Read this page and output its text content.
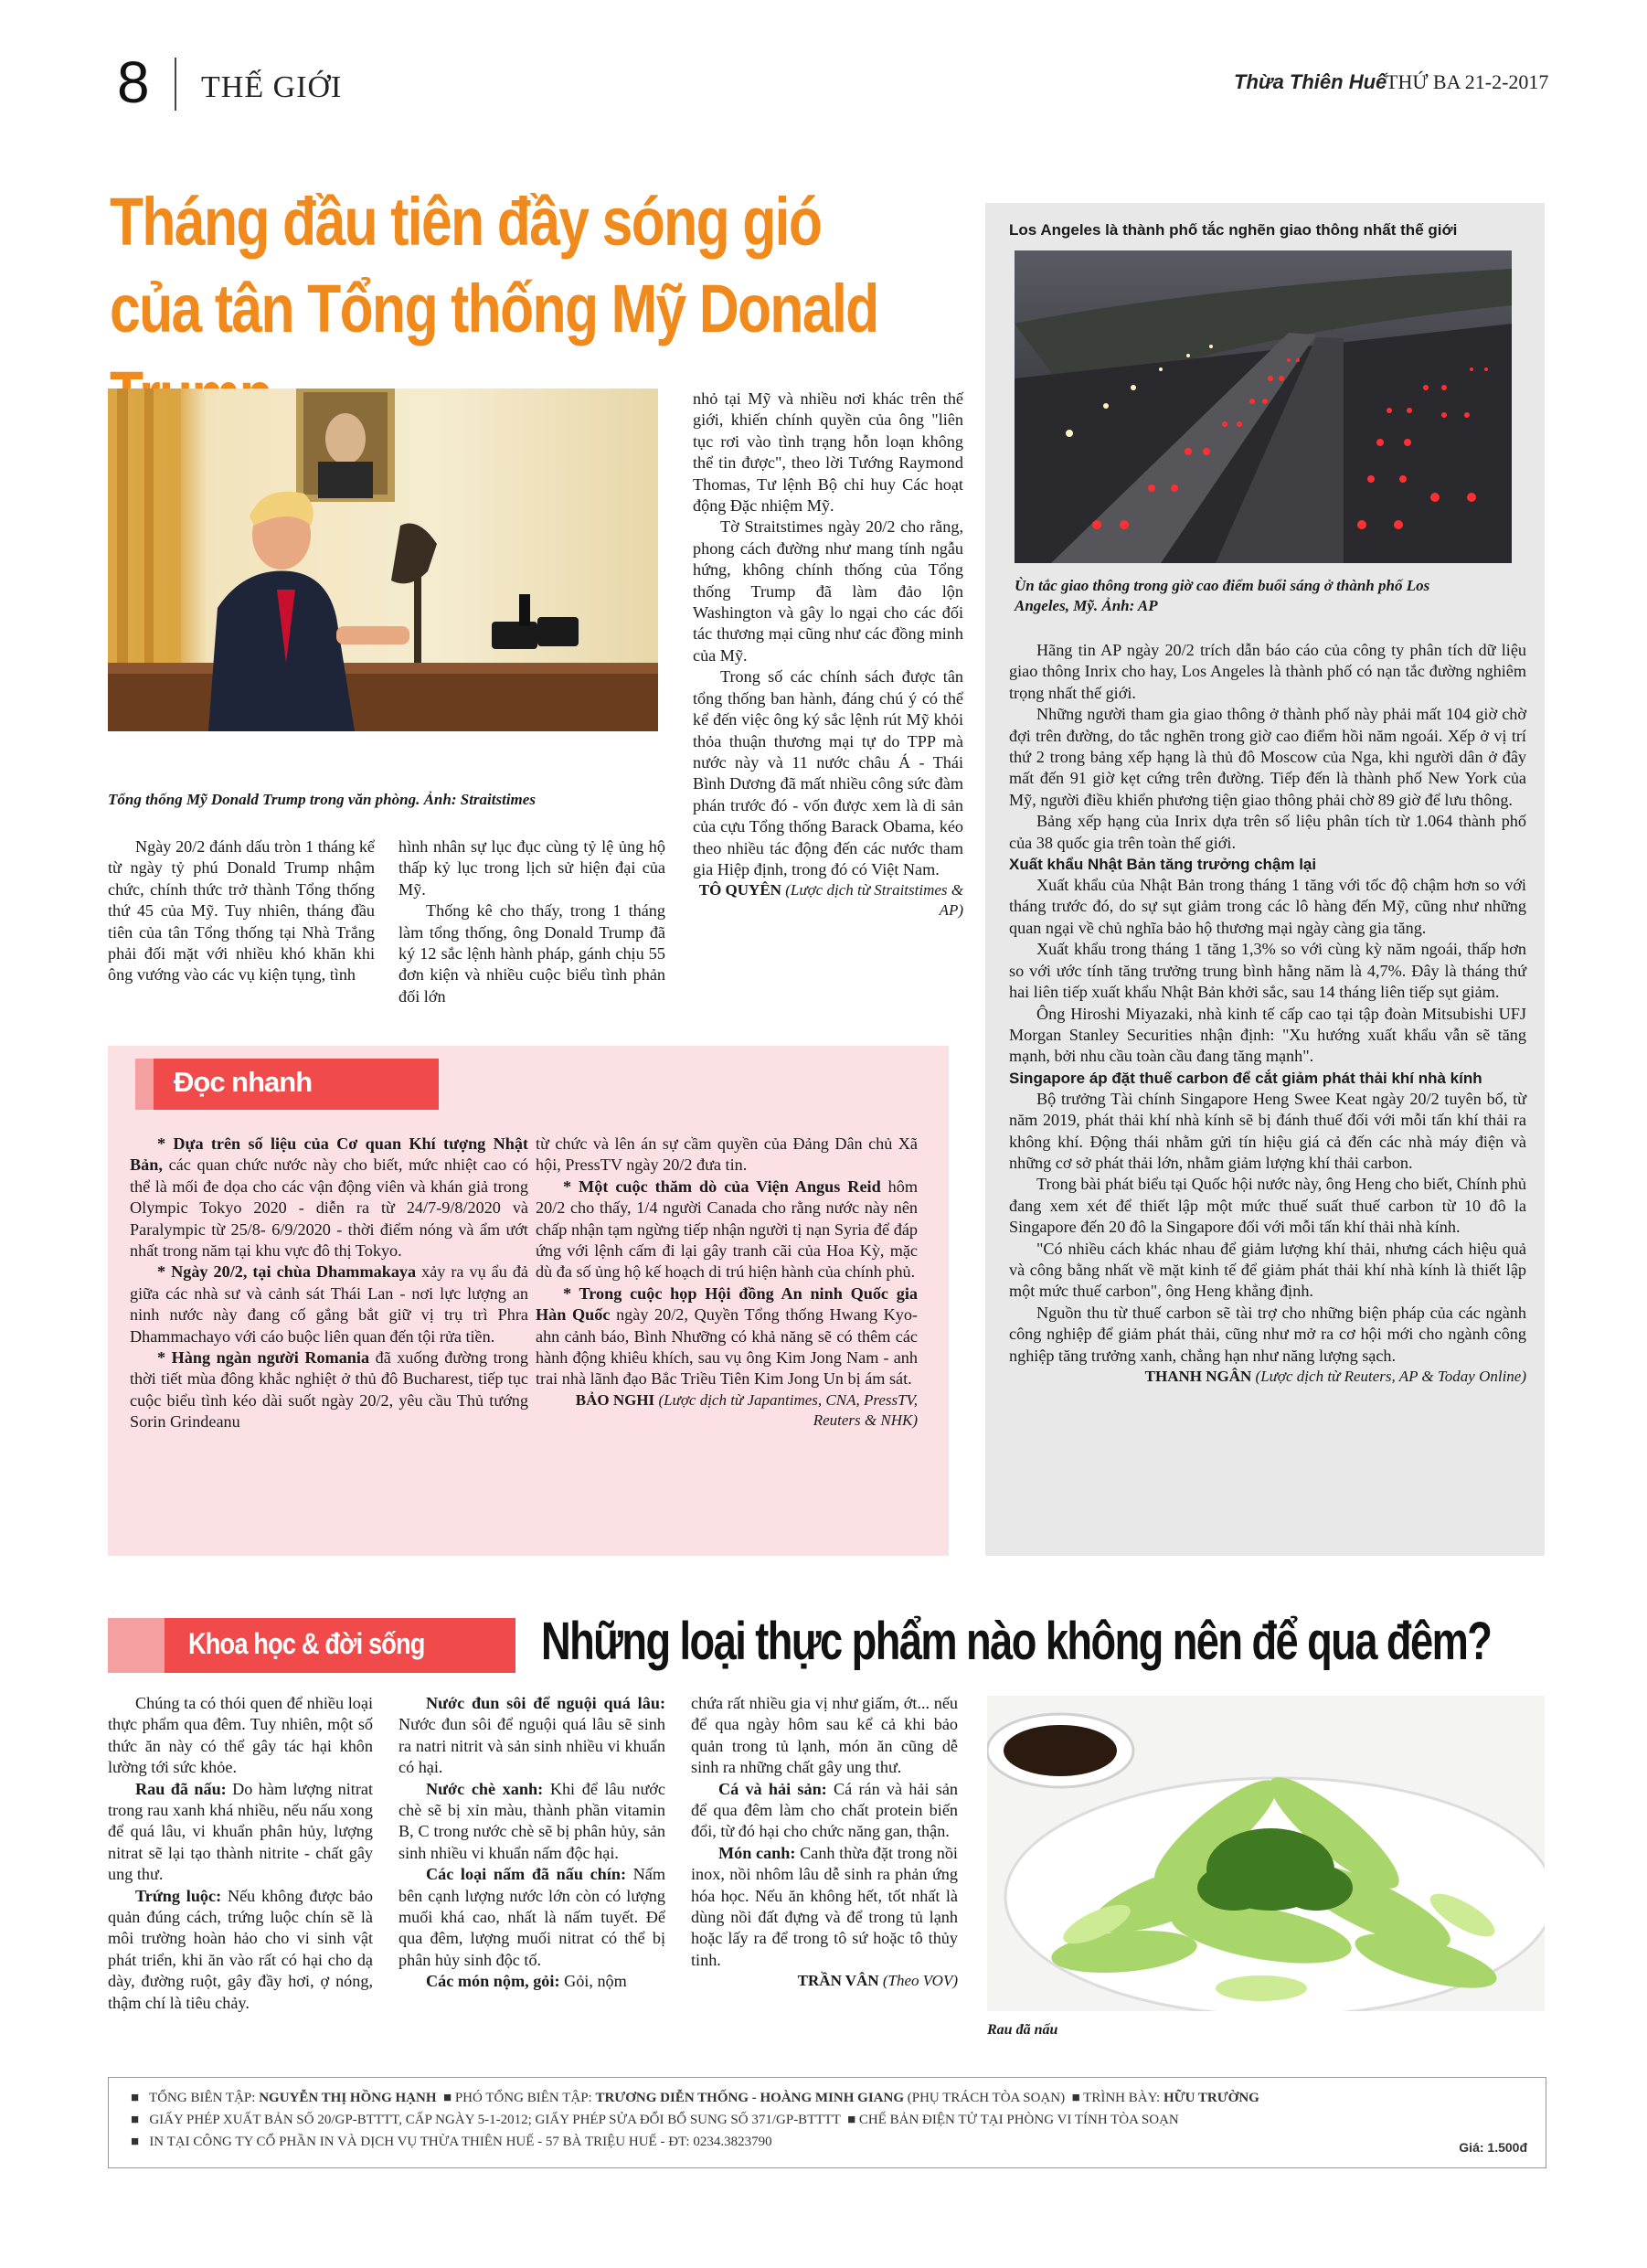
8 THẾ GIỚI	Thừa Thiên Huế
THỨ BA 21-2-2017
Tháng đầu tiên đầy sóng gió
của tân Tổng thống Mỹ Donald
Tổng thống Mỹ Donald Trump trong văn phòng. Ảnh: Straitstimes

Ngày 20/2 đánh dấu tròn 1 tháng kể từ ngày tỷ phú Donald Trump nhậm chức, chính thức trở thành Tổng thống thứ 45 của Mỹ. Tuy nhiên, tháng đầu tiên của tân Tổng thống tại Nhà Trắng phải đối mặt với nhiều khó khăn khi ông vướng vào các vụ kiện tụng, tình

hình nhân sự lục đục cùng tỷ lệ ủng hộ thấp kỷ lục trong lịch sử hiện đại của Mỹ.

Thống kê cho thấy, trong 1 tháng làm tổng thống, ông Donald Trump đã ký 12 sắc lệnh hành pháp, gánh chịu 55 đơn kiện và nhiều cuộc biểu tình phản đối lớn

nhỏ tại Mỹ và nhiều nơi khác trên thế giới, khiến chính quyền của ông "liên tục rơi vào tình trạng hỗn loạn không thể tin được", theo lời Tướng Raymond Thomas, Tư lệnh Bộ chỉ huy Các hoạt động Đặc nhiệm Mỹ.

Tờ Straitstimes ngày 20/2 cho rằng, phong cách đường như mang tính ngẫu hứng, không chính thống của Tổng thống Trump đã làm đảo lộn Washington và gây lo ngại cho các đối tác thương mại cũng như các đồng minh của Mỹ.

Trong số các chính sách được tân tổng thống ban hành, đáng chú ý có thể kể đến việc ông ký sắc lệnh rút Mỹ khỏi thỏa thuận thương mại tự do TPP mà nước này và 11 nước châu Á - Thái Bình Dương đã mất nhiều công sức đàm phán trước đó - vốn được xem là di sản của cựu Tổng thống Barack Obama, kéo theo nhiều tác động đến các nước tham gia Hiệp định, trong đó có Việt Nam.

TÔ QUYÊN (Lược dịch từ Straitstimes & AP)
Đọc nhanh

* Dựa trên số liệu của Cơ quan Khí tượng Nhật Bản, các quan chức nước này cho biết, mức nhiệt cao có thể là mối đe dọa cho các vận động viên và khán giả trong Olympic Tokyo 2020 - diễn ra từ 24/7-9/8/2020 và Paralympic từ 25/8- 6/9/2020 - thời điểm nóng và ẩm ướt nhất trong năm tại khu vực đô thị Tokyo.

* Ngày 20/2, tại chùa Dhammakaya xảy ra vụ ẩu đả giữa các nhà sư và cảnh sát Thái Lan - nơi lực lượng an ninh nước này đang cố gắng bắt giữ vị trụ trì Phra Dhammachayo với cáo buộc liên quan đến tội rửa tiền.

* Hàng ngàn người Romania đã xuống đường trong thời tiết mùa đông khắc nghiệt ở thủ đô Bucharest, tiếp tục cuộc biểu tình kéo dài suốt ngày 20/2, yêu cầu Thủ tướng Sorin Grindeanu

từ chức và lên án sự cầm quyền của Đảng Dân chủ Xã hội, PressTV ngày 20/2 đưa tin.

* Một cuộc thăm dò của Viện Angus Reid hôm 20/2 cho thấy, 1/4 người Canada cho rằng nước này nên chấp nhận tạm ngừng tiếp nhận người tị nạn Syria để đáp ứng với lệnh cấm đi lại gây tranh cãi của Hoa Kỳ, mặc dù đa số ủng hộ kế hoạch di trú hiện hành của chính phủ.

* Trong cuộc họp Hội đồng An ninh Quốc gia Hàn Quốc ngày 20/2, Quyền Tổng thống Hwang Kyo-ahn cảnh báo, Bình Nhưỡng có khả năng sẽ có thêm các hành động khiêu khích, sau vụ ông Kim Jong Nam - anh trai nhà lãnh đạo Bắc Triều Tiên Kim Jong Un bị ám sát.

BẢO NGHI (Lược dịch từ Japantimes, CNA, PressTV, Reuters & NHK)
Los Angeles là thành phố tắc nghẽn giao thông nhất thế giới
Ùn tắc giao thông trong giờ cao điểm buổi sáng ở thành phố Los Angeles, Mỹ. Ảnh: AP

Hãng tin AP ngày 20/2 trích dẫn báo cáo của công ty phân tích dữ liệu giao thông Inrix cho hay, Los Angeles là thành phố có nạn tắc đường nghiêm trọng nhất thế giới.

Những người tham gia giao thông ở thành phố này phải mất 104 giờ chờ đợi trên đường, do tắc nghẽn trong giờ cao điểm hồi năm ngoái. Xếp ở vị trí thứ 2 trong bảng xếp hạng là thủ đô Moscow của Nga, khi người dân ở đây mất đến 91 giờ kẹt cứng trên đường. Tiếp đến là thành phố New York của Mỹ, người điều khiển phương tiện giao thông phải chờ 89 giờ để lưu thông.

Bảng xếp hạng của Inrix dựa trên số liệu phân tích từ 1.064 thành phố của 38 quốc gia trên toàn thế giới.

Xuất khẩu Nhật Bản tăng trưởng chậm lại

Xuất khẩu của Nhật Bản trong tháng 1 tăng với tốc độ chậm hơn so với tháng trước đó, do sự sụt giảm trong các lô hàng đến Mỹ, cũng như những quan ngại về chủ nghĩa bảo hộ thương mại ngày càng gia tăng.

Xuất khẩu trong tháng 1 tăng 1,3% so với cùng kỳ năm ngoái, thấp hơn so với ước tính tăng trưởng trung bình hằng năm là 4,7%. Đây là tháng thứ hai liên tiếp xuất khẩu Nhật Bản khởi sắc, sau 14 tháng liên tiếp sụt giảm.

Ông Hiroshi Miyazaki, nhà kinh tế cấp cao tại tập đoàn Mitsubishi UFJ Morgan Stanley Securities nhận định: "Xu hướng xuất khẩu vẫn sẽ tăng mạnh, bởi nhu cầu toàn cầu đang tăng mạnh".

Singapore áp đặt thuế carbon để cắt giảm phát thải khí nhà kính

Bộ trưởng Tài chính Singapore Heng Swee Keat ngày 20/2 tuyên bố, từ năm 2019, phát thải khí nhà kính sẽ bị đánh thuế đối với mỗi tấn khí thải ra không khí. Động thái nhằm gửi tín hiệu giá cả đến các nhà máy điện và những cơ sở phát thải lớn, nhằm giảm lượng khí thải carbon.

Trong bài phát biểu tại Quốc hội nước này, ông Heng cho biết, Chính phủ đang xem xét để thiết lập một mức thuế suất thuế carbon từ 10 đô la Singapore đến 20 đô la Singapore đối với mỗi tấn khí thải nhà kính.

"Có nhiều cách khác nhau để giảm lượng khí thải, nhưng cách hiệu quả và công bằng nhất về mặt kinh tế để giảm phát thải khí nhà kính là thiết lập một mức thuế carbon", ông Heng khẳng định.

Nguồn thu từ thuế carbon sẽ tài trợ cho những biện pháp của các ngành công nghiệp để giảm phát thải, cũng như mở ra cơ hội mới cho ngành công nghiệp tăng trưởng xanh, chẳng hạn như năng lượng sạch.

THANH NGÂN (Lược dịch từ Reuters, AP & Today Online)
Khoa học & đời sống Những loại thực phẩm nào không nên để qua đêm?

Chúng ta có thói quen để nhiều loại thực phẩm qua đêm. Tuy nhiên, một số thức ăn này có thể gây tác hại khôn lường tới sức khỏe.

Rau đã nấu: Do hàm lượng nitrat trong rau xanh khá nhiều, nếu nấu xong để quá lâu, vi khuẩn phân hủy, lượng nitrat sẽ lại tạo thành nitrite - chất gây ung thư.

Trứng luộc: Nếu không được bảo quản đúng cách, trứng luộc chín sẽ là môi trường hoàn hảo cho vi sinh vật phát triển, khi ăn vào rất có hại cho dạ dày, đường ruột, gây đầy hơi, ợ nóng, thậm chí là tiêu chảy.

Nước đun sôi để nguội quá lâu: Nước đun sôi để nguội quá lâu sẽ sinh ra natri nitrit và sản sinh nhiều vi khuẩn có hại.

Nước chè xanh: Khi để lâu nước chè sẽ bị xỉn màu, thành phần vitamin B, C trong nước chè sẽ bị phân hủy, sản sinh nhiều vi khuẩn nấm độc hại.

Các loại nấm đã nấu chín: Nấm bên cạnh lượng nước lớn còn có lượng muối khá cao, nhất là nấm tuyết. Để qua đêm, lượng muối nitrat có thể bị phân hủy sinh độc tố.

Các món nộm, gỏi: Gỏi, nộm

chứa rất nhiều gia vị như giấm, ớt... nếu để qua ngày hôm sau kể cả khi bảo quản trong tủ lạnh, món ăn cũng dễ sinh ra những chất gây ung thư.

Cá và hải sản: Cá rán và hải sản để qua đêm làm cho chất protein biến đổi, từ đó hại cho chức năng gan, thận.

Món canh: Canh thừa đặt trong nồi inox, nồi nhôm lâu dễ sinh ra phản ứng hóa học. Nếu ăn không hết, tốt nhất là dùng nồi đất đựng và để trong tủ lạnh hoặc lấy ra để trong tô sứ hoặc tô thủy tinh.

TRẦN VÂN (Theo VOV)
Rau đã nấu
■ TỔNG BIÊN TẬP: NGUYỄN THỊ HỒNG HẠNH ■ PHÓ TỔNG BIÊN TẬP: TRƯƠNG DIỄN THỐNG - HOÀNG MINH GIANG (PHỤ TRÁCH TÒA SOẠN) ■ TRÌNH BÀY: HỮU TRƯỜNG
■ GIẤY PHÉP XUẤT BẢN SỐ 20/GP-BTTTT, CẤP NGÀY 5-1-2012; GIẤY PHÉP SỬA ĐỔI BỔ SUNG SỐ 371/GP-BTTTT ■ CHẾ BẢN ĐIỆN TỬ TẠI PHÒNG VI TÍNH TÒA SOẠN
■ IN TẠI CÔNG TY CỔ PHẦN IN VÀ DỊCH VỤ THỪA THIÊN HUẾ - 57 BÀ TRIỆU HUẾ - ĐT: 0234.3823790	Giá: 1.500đ
